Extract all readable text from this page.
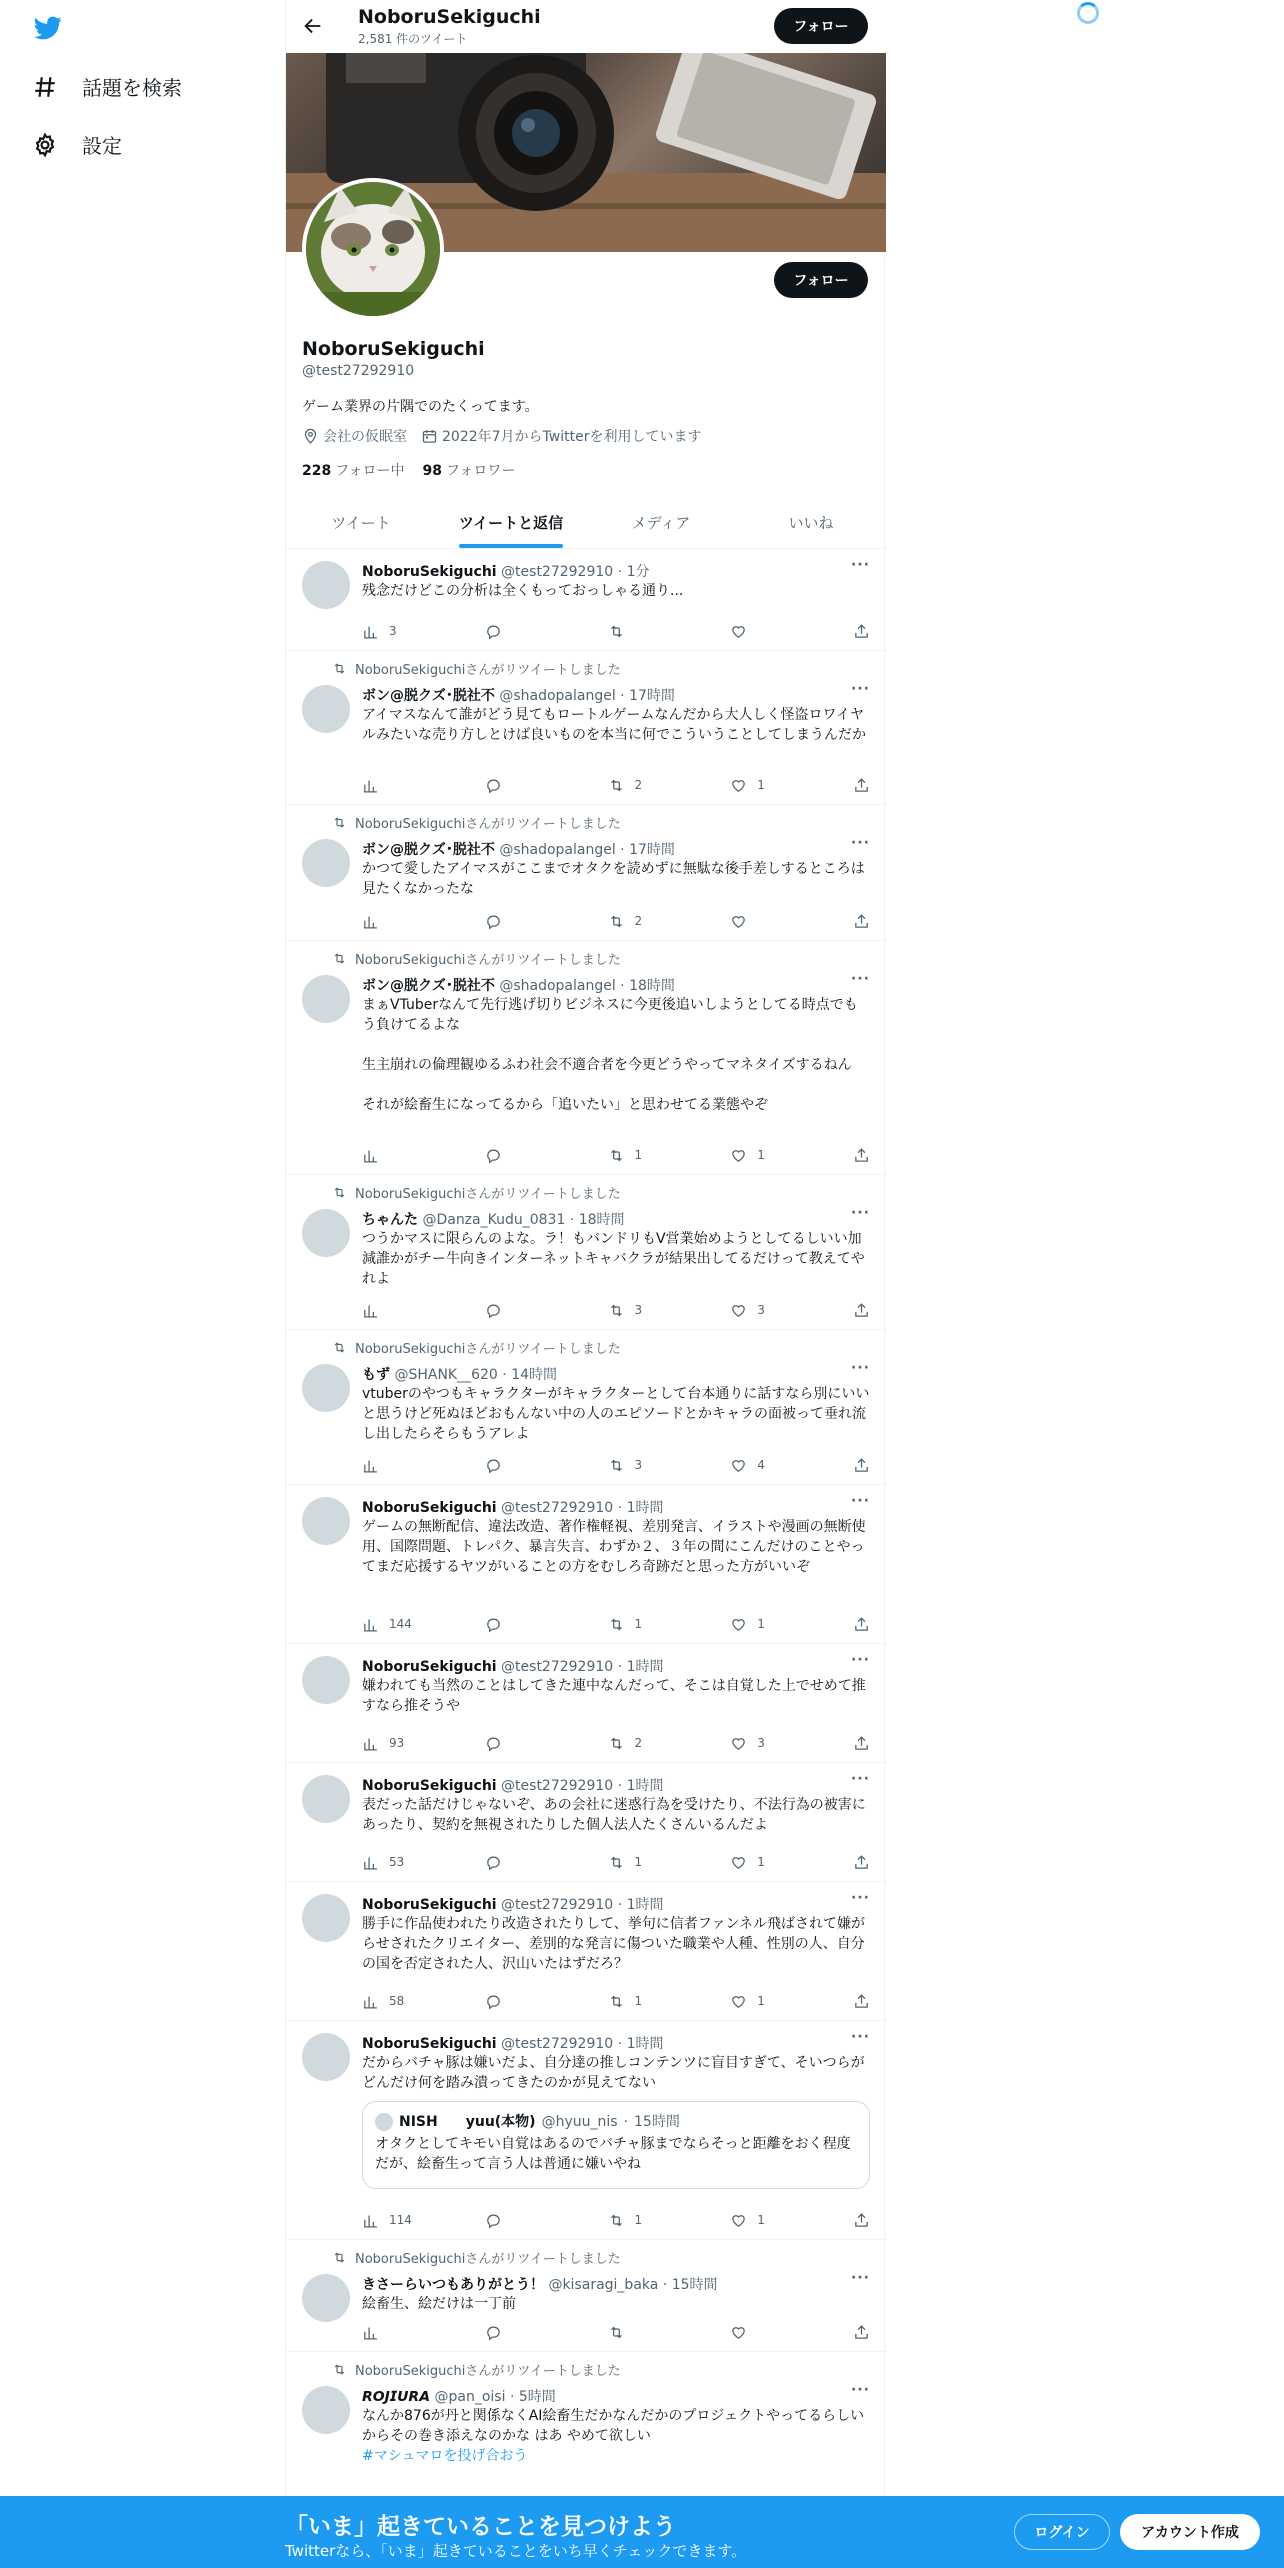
話題を検索
設定
NoboruSekiguchi
2,581 件のツイート
フォロー
フォロー
NoboruSekiguchi
@test27292910
ゲーム業界の片隅でのたくってます。
会社の仮眠室	2022年7月からTwitterを利用しています
228 フォロー中 98 フォロワー
ツイート	ツイートと返信	メディア	いいね
NoboruSekiguchi @test27292910 · 1分	···
残念だけどこの分析は全くもっておっしゃる通り...
3
NoboruSekiguchiさんがリツイートしました
ボン@脱クズ･脱社不 @shadopalangel · 17時間	···
アイマスなんて誰がどう見てもロートルゲームなんだから大人しく怪盗ロワイヤルみたいな売り方しとけば良いものを本当に何でこういうことしてしまうんだか
2	1
NoboruSekiguchiさんがリツイートしました
ボン@脱クズ･脱社不 @shadopalangel · 17時間	···
かつて愛したアイマスがここまでオタクを読めずに無駄な後手差しするところは見たくなかったな
2
NoboruSekiguchiさんがリツイートしました
ボン@脱クズ･脱社不 @shadopalangel · 18時間	···
まぁVTuberなんて先行逃げ切りビジネスに今更後追いしようとしてる時点でもう負けてるよな

生主崩れの倫理観ゆるふわ社会不適合者を今更どうやってマネタイズするねん

それが絵畜生になってるから「追いたい」と思わせてる業態やぞ
1	1
NoboruSekiguchiさんがリツイートしました
ちゃんた @Danza_Kudu_0831 · 18時間	···
つうかマスに限らんのよな。ラ！もバンドリもV営業始めようとしてるしいい加減誰かがチー牛向きインターネットキャバクラが結果出してるだけって教えてやれよ
3	3
NoboruSekiguchiさんがリツイートしました
もず @SHANK__620 · 14時間	···
vtuberのやつもキャラクターがキャラクターとして台本通りに話すなら別にいいと思うけど死ぬほどおもんない中の人のエピソードとかキャラの面被って垂れ流し出したらそらもうアレよ
3	4
NoboruSekiguchi @test27292910 · 1時間	···
ゲームの無断配信、違法改造、著作権軽視、差別発言、イラストや漫画の無断使用、国際問題、トレパク、暴言失言、わずか２、３年の間にこんだけのことやってまだ応援するヤツがいることの方をむしろ奇跡だと思った方がいいぞ
144	1	1
NoboruSekiguchi @test27292910 · 1時間	···
嫌われても当然のことはしてきた連中なんだって、そこは自覚した上でせめて推すなら推そうや
93	2	3
NoboruSekiguchi @test27292910 · 1時間	···
表だった話だけじゃないぞ、あの会社に迷惑行為を受けたり、不法行為の被害にあったり、契約を無視されたりした個人法人たくさんいるんだよ
53	1	1
NoboruSekiguchi @test27292910 · 1時間	···
勝手に作品使われたり改造されたりして、挙句に信者ファンネル飛ばされて嫌がらせされたクリエイター、差別的な発言に傷ついた職業や人種、性別の人、自分の国を否定された人、沢山いたはずだろ？
58	1	1
NoboruSekiguchi @test27292910 · 1時間	···
だからバチャ豚は嫌いだよ、自分達の推しコンテンツに盲目すぎて、そいつらがどんだけ何を踏み潰ってきたのかが見えてない
NISH　　yuu(本物) @hyuu_nis · 15時間
オタクとしてキモい自覚はあるのでバチャ豚までならそっと距離をおく程度だが、絵畜生って言う人は普通に嫌いやね
114	1	1
NoboruSekiguchiさんがリツイートしました
きさーらいつもありがとう！ @kisaragi_baka · 15時間	···
絵畜生、絵だけは一丁前
NoboruSekiguchiさんがリツイートしました
𝙍𝙊𝙅𝙄𝙐𝙍𝘼 @pan_oisi · 5時間	···
なんか876が丹と関係なくAI絵畜生だかなんだかのプロジェクトやってるらしいからその巻き添えなのかな はあ やめて欲しい
#マシュマロを投げ合おう
「いま」起きていることを見つけよう
Twitterなら、「いま」起きていることをいち早くチェックできます。
ログイン	アカウント作成
